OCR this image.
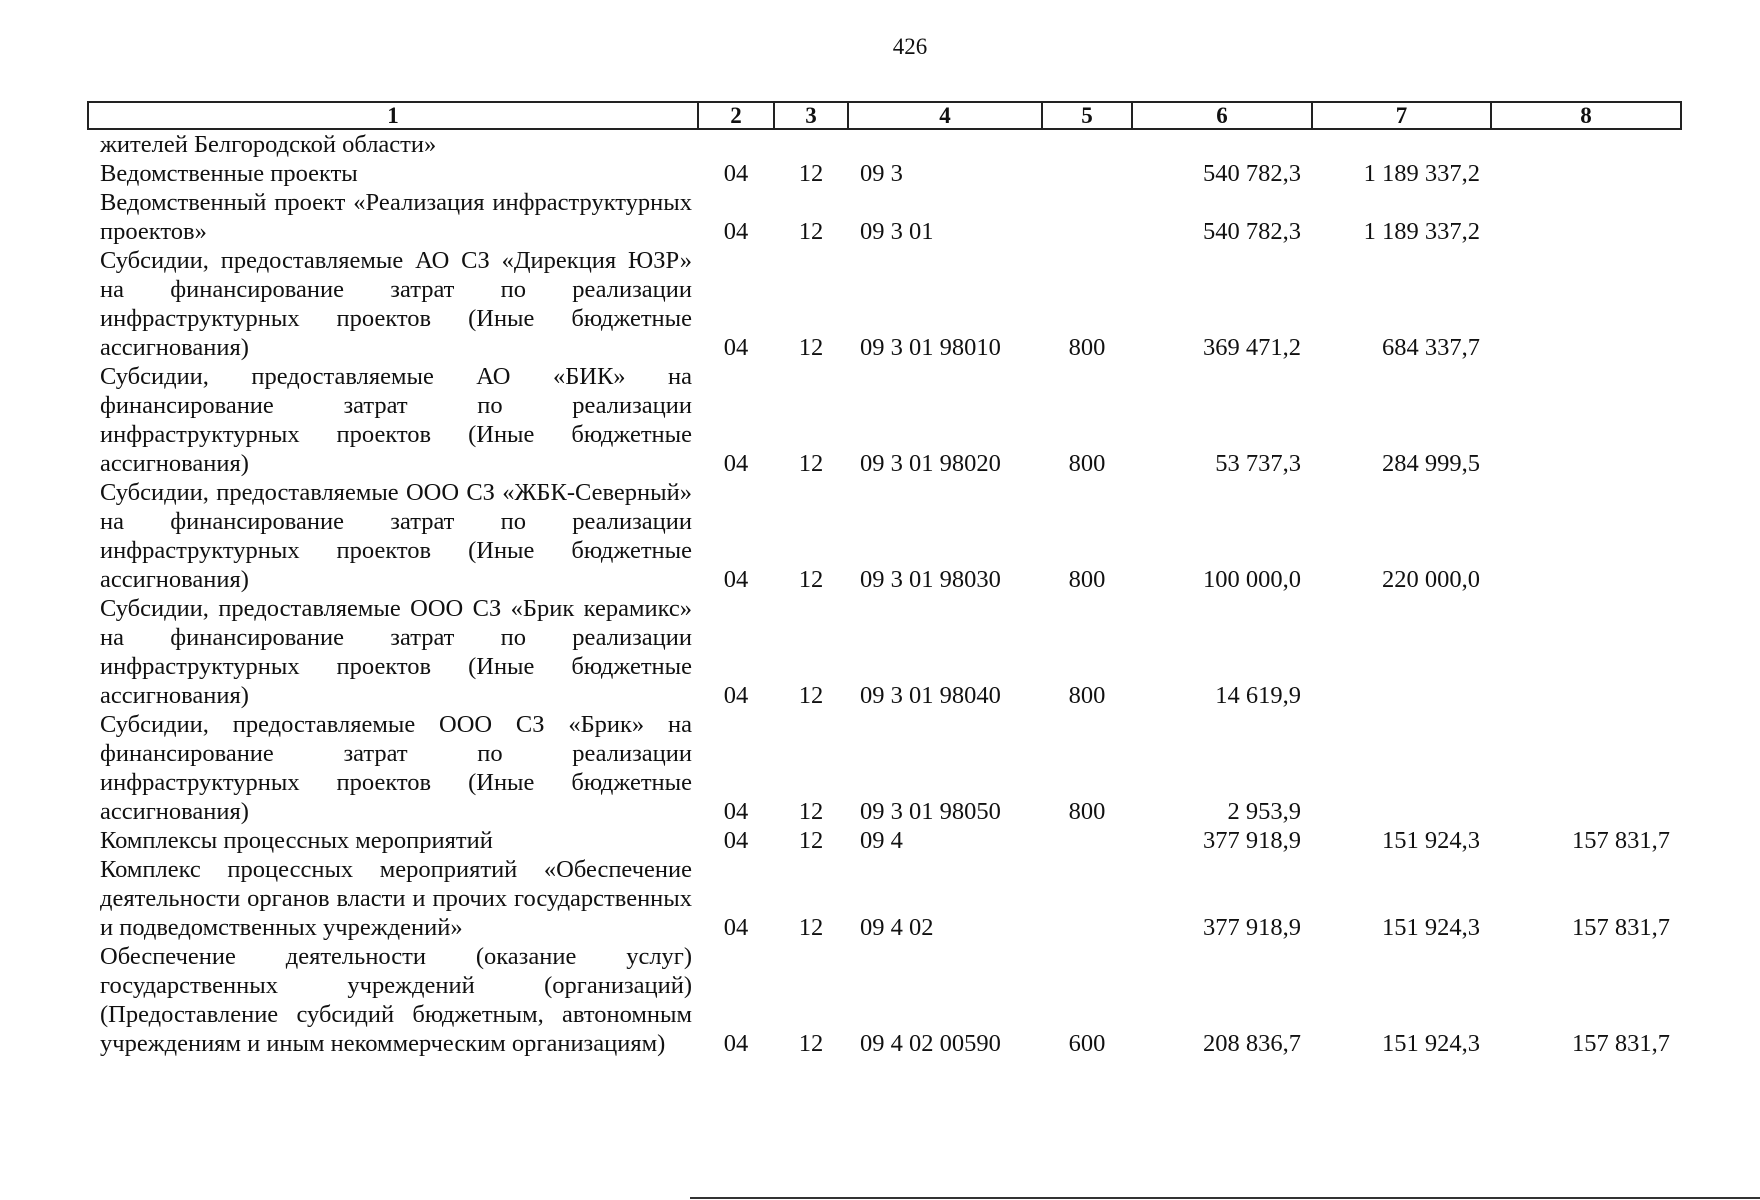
426
1	2	3	4	5	6	7	8
жителей Белгородской области»							
Ведомственные проекты	04	12	09 3		540 782,3	1 189 337,2	
Ведомственный проект «Реализация инфраструктурных проектов»	04	12	09 3 01		540 782,3	1 189 337,2	
Субсидии, предоставляемые АО СЗ «Дирекция ЮЗР» на финансирование затрат по реализации инфраструктурных проектов (Иные бюджетные ассигнования)	04	12	09 3 01 98010	800	369 471,2	684 337,7	
Субсидии, предоставляемые АО «БИК» на финансирование затрат по реализации инфраструктурных проектов (Иные бюджетные ассигнования)	04	12	09 3 01 98020	800	53 737,3	284 999,5	
Субсидии, предоставляемые ООО СЗ «ЖБК-Северный» на финансирование затрат по реализации инфраструктурных проектов (Иные бюджетные ассигнования)	04	12	09 3 01 98030	800	100 000,0	220 000,0	
Субсидии, предоставляемые ООО СЗ «Брик керамикс» на финансирование затрат по реализации инфраструктурных проектов (Иные бюджетные ассигнования)	04	12	09 3 01 98040	800	14 619,9		
Субсидии, предоставляемые ООО СЗ «Брик» на финансирование затрат по реализации инфраструктурных проектов (Иные бюджетные ассигнования)	04	12	09 3 01 98050	800	2 953,9		
Комплексы процессных мероприятий	04	12	09 4		377 918,9	151 924,3	157 831,7
Комплекс процессных мероприятий «Обеспечение деятельности органов власти и прочих государственных и подведомственных учреждений»	04	12	09 4 02		377 918,9	151 924,3	157 831,7
Обеспечение деятельности (оказание услуг) государственных учреждений (организаций) (Предоставление субсидий бюджетным, автономным учреждениям и иным некоммерческим организациям)	04	12	09 4 02 00590	600	208 836,7	151 924,3	157 831,7
